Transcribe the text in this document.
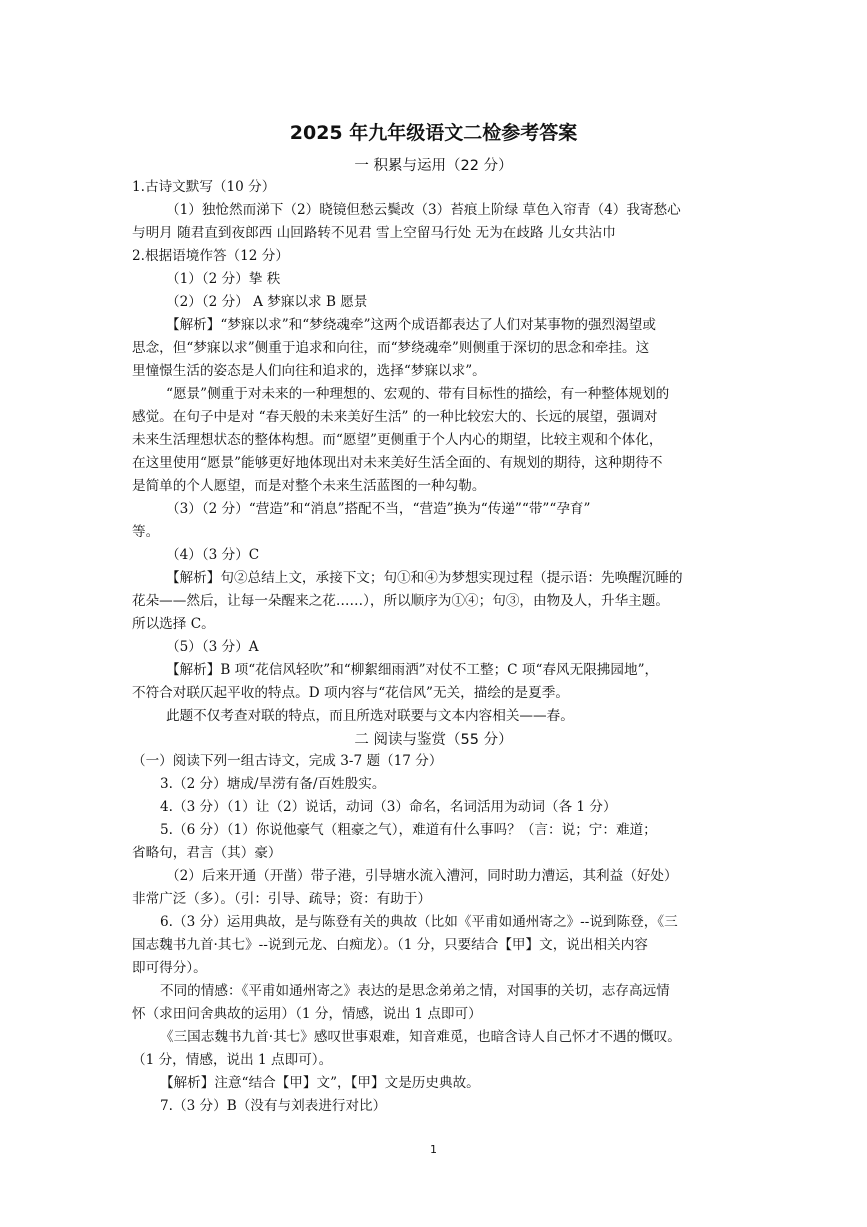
2025 年九年级语文二检参考答案
一 积累与运用（22 分）
1.古诗文默写（10 分）
（1）独怆然而涕下（2）晓镜但愁云鬓改（3）苔痕上阶绿 草色入帘青（4）我寄愁心
与明月 随君直到夜郎西 山回路转不见君 雪上空留马行处 无为在歧路 儿女共沾巾
2.根据语境作答（12 分）
（1）（2 分）挚 秩
（2）（2 分） A 梦寐以求 B 愿景
【解析】“梦寐以求”和“梦绕魂牵”这两个成语都表达了人们对某事物的强烈渴望或
思念，但“梦寐以求”侧重于追求和向往，而“梦绕魂牵”则侧重于深切的思念和牵挂。这
里憧憬生活的姿态是人们向往和追求的，选择“梦寐以求”。
“愿景”侧重于对未来的一种理想的、宏观的、带有目标性的描绘，有一种整体规划的
感觉。在句子中是对 “春天般的未来美好生活” 的一种比较宏大的、长远的展望，强调对
未来生活理想状态的整体构想。而“愿望”更侧重于个人内心的期望，比较主观和个体化，
在这里使用“愿景”能够更好地体现出对未来美好生活全面的、有规划的期待，这种期待不
是简单的个人愿望，而是对整个未来生活蓝图的一种勾勒。
（3）（2 分）“营造”和“消息”搭配不当，“营造”换为“传递”“带”“孕育”
等。
（4）（3 分）C
【解析】句②总结上文，承接下文；句①和④为梦想实现过程（提示语：先唤醒沉睡的
花朵——然后，让每一朵醒来之花……），所以顺序为①④；句③，由物及人，升华主题。
所以选择 C。
（5）（3 分）A
【解析】B 项“花信风轻吹”和“柳絮细雨洒”对仗不工整；C 项“春风无限拂园地”，
不符合对联仄起平收的特点。D 项内容与“花信风”无关，描绘的是夏季。
此题不仅考查对联的特点，而且所选对联要与文本内容相关——春。
二 阅读与鉴赏（55 分）
（一）阅读下列一组古诗文，完成 3-7 题（17 分）
3.（2 分）塘成/旱涝有备/百姓殷实。
4.（3 分）（1）让（2）说话，动词（3）命名，名词活用为动词（各 1 分）
5.（6 分）（1）你说他豪气（粗豪之气），难道有什么事吗？（言：说；宁：难道；
省略句，君言（其）豪）
（2）后来开通（开凿）带子港，引导塘水流入漕河，同时助力漕运，其利益（好处）
非常广泛（多）。（引：引导、疏导；资：有助于）
6.（3 分）运用典故，是与陈登有关的典故（比如《平甫如通州寄之》--说到陈登，《三
国志魏书九首·其七》--说到元龙、白痴龙）。（1 分，只要结合【甲】文，说出相关内容
即可得分）。
不同的情感：《平甫如通州寄之》表达的是思念弟弟之情，对国事的关切，志存高远情
怀（求田问舍典故的运用）（1 分，情感，说出 1 点即可）
《三国志魏书九首·其七》感叹世事艰难，知音难觅，也暗含诗人自己怀才不遇的慨叹。
（1 分，情感，说出 1 点即可）。
【解析】注意“结合【甲】文”，【甲】文是历史典故。
7.（3 分）B（没有与刘表进行对比）
1
